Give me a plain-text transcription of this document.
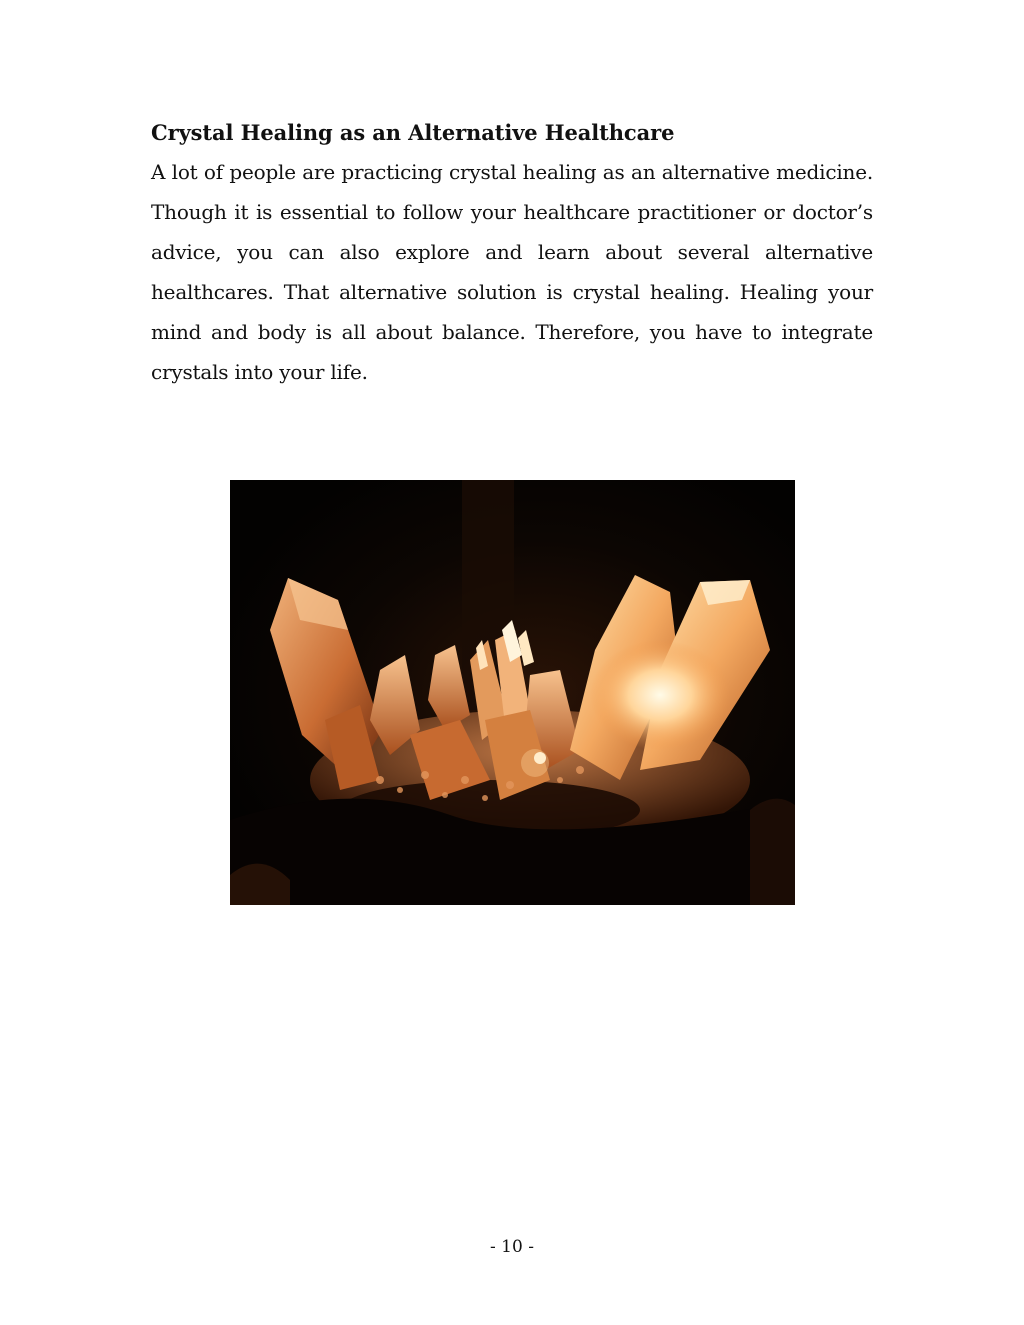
Crystal Healing as an Alternative Healthcare

A lot of people are practicing crystal healing as an alternative medicine. Though it is essential to follow your healthcare practitioner or doctor’s advice, you can also explore and learn about several alternative healthcares. That alternative solution is crystal healing. Healing your mind and body is all about balance. Therefore, you have to integrate crystals into your life.

- 10 -
